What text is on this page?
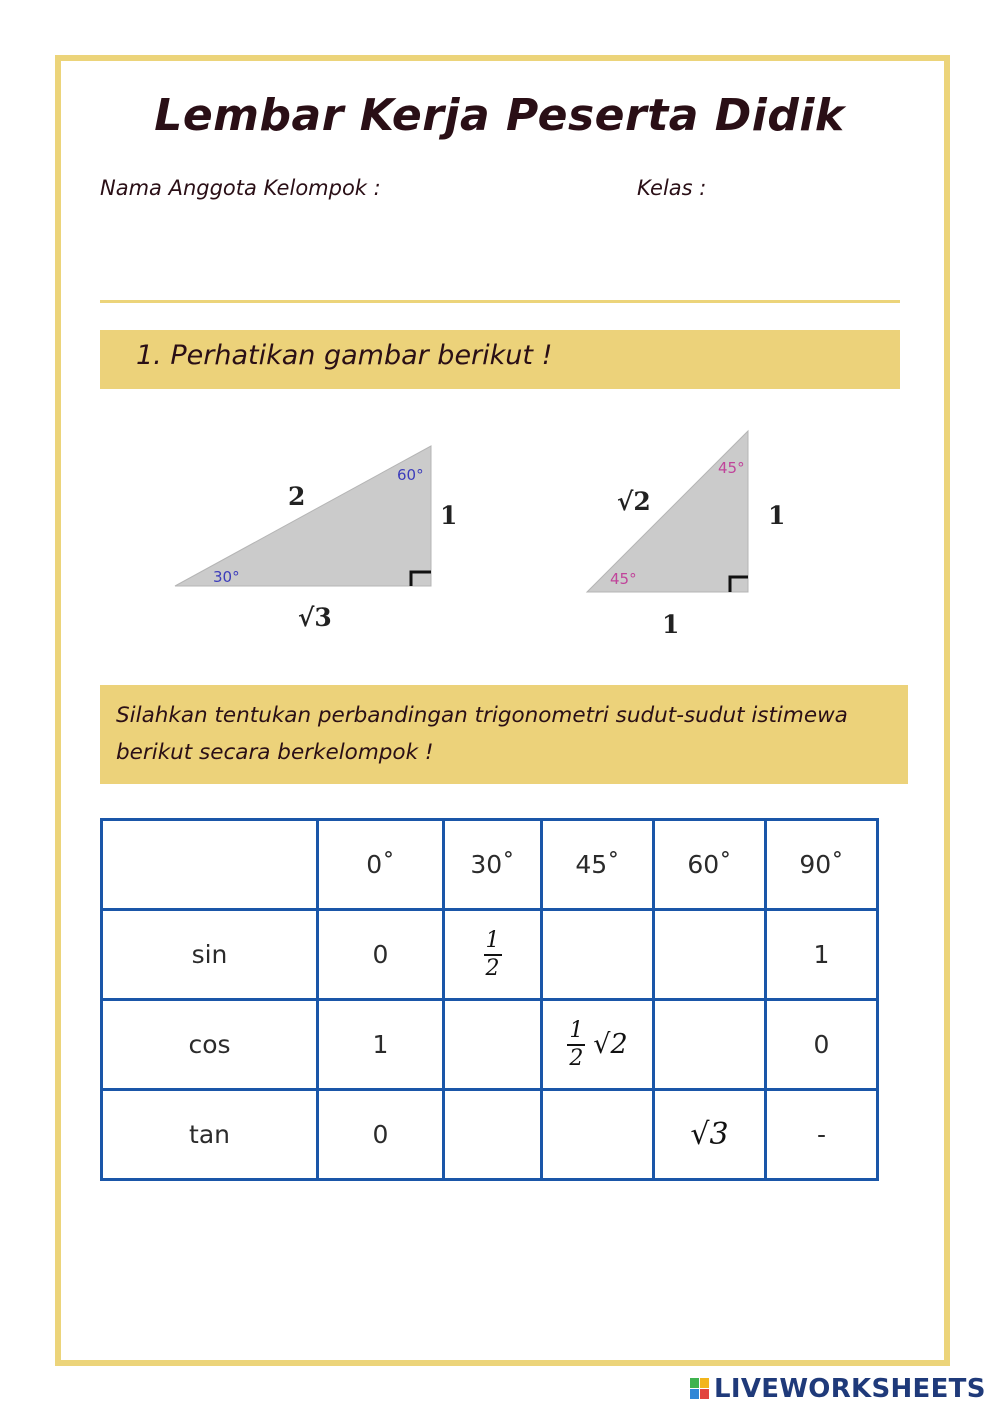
Lembar Kerja Peserta Didik
Nama Anggota Kelompok :	Kelas :
1. Perhatikan gambar berikut !
60°
30°
2
1
√3
45°
45°
√2	1
1

Silahkan tentukan perbandingan trigonometri sudut-sudut istimewa berikut secara berkelompok !

	0˚	30˚	45˚	60˚	90˚
sin	0	$\frac{1}{2}$			1
cos	1		$\frac{1}{2} √2$		0
tan	0			√3	-
LIVEWORKSHEETS
